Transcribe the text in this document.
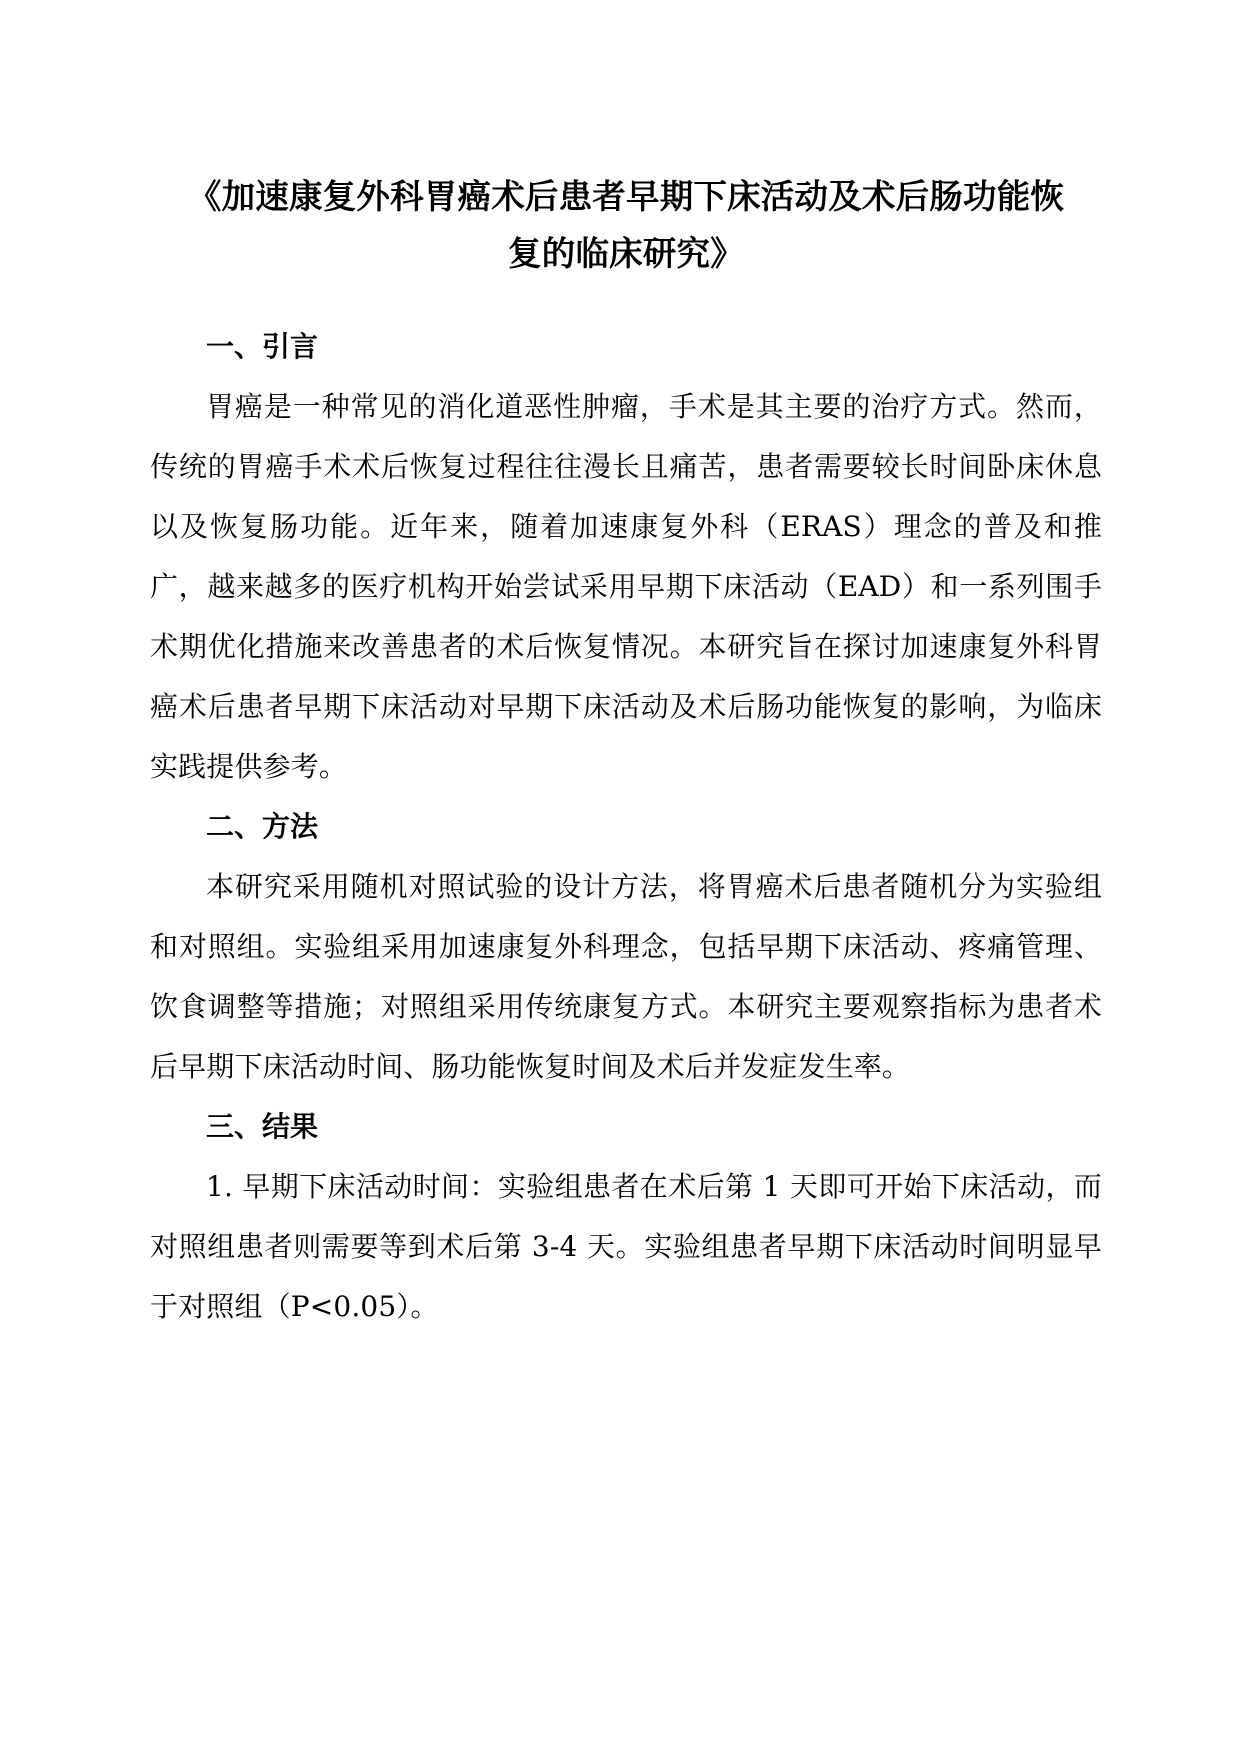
《加速康复外科胃癌术后患者早期下床活动及术后肠功能恢复的临床研究》
一、引言

胃癌是一种常见的消化道恶性肿瘤，手术是其主要的治疗方式。然而，传统的胃癌手术术后恢复过程往往漫长且痛苦，患者需要较长时间卧床休息以及恢复肠功能。近年来，随着加速康复外科（ERAS）理念的普及和推广，越来越多的医疗机构开始尝试采用早期下床活动（EAD）和一系列围手术期优化措施来改善患者的术后恢复情况。本研究旨在探讨加速康复外科胃癌术后患者早期下床活动对早期下床活动及术后肠功能恢复的影响，为临床实践提供参考。

二、方法

本研究采用随机对照试验的设计方法，将胃癌术后患者随机分为实验组和对照组。实验组采用加速康复外科理念，包括早期下床活动、疼痛管理、饮食调整等措施；对照组采用传统康复方式。本研究主要观察指标为患者术后早期下床活动时间、肠功能恢复时间及术后并发症发生率。

三、结果

1. 早期下床活动时间：实验组患者在术后第 1 天即可开始下床活动，而对照组患者则需要等到术后第 3-4 天。实验组患者早期下床活动时间明显早于对照组（P<0.05）。
